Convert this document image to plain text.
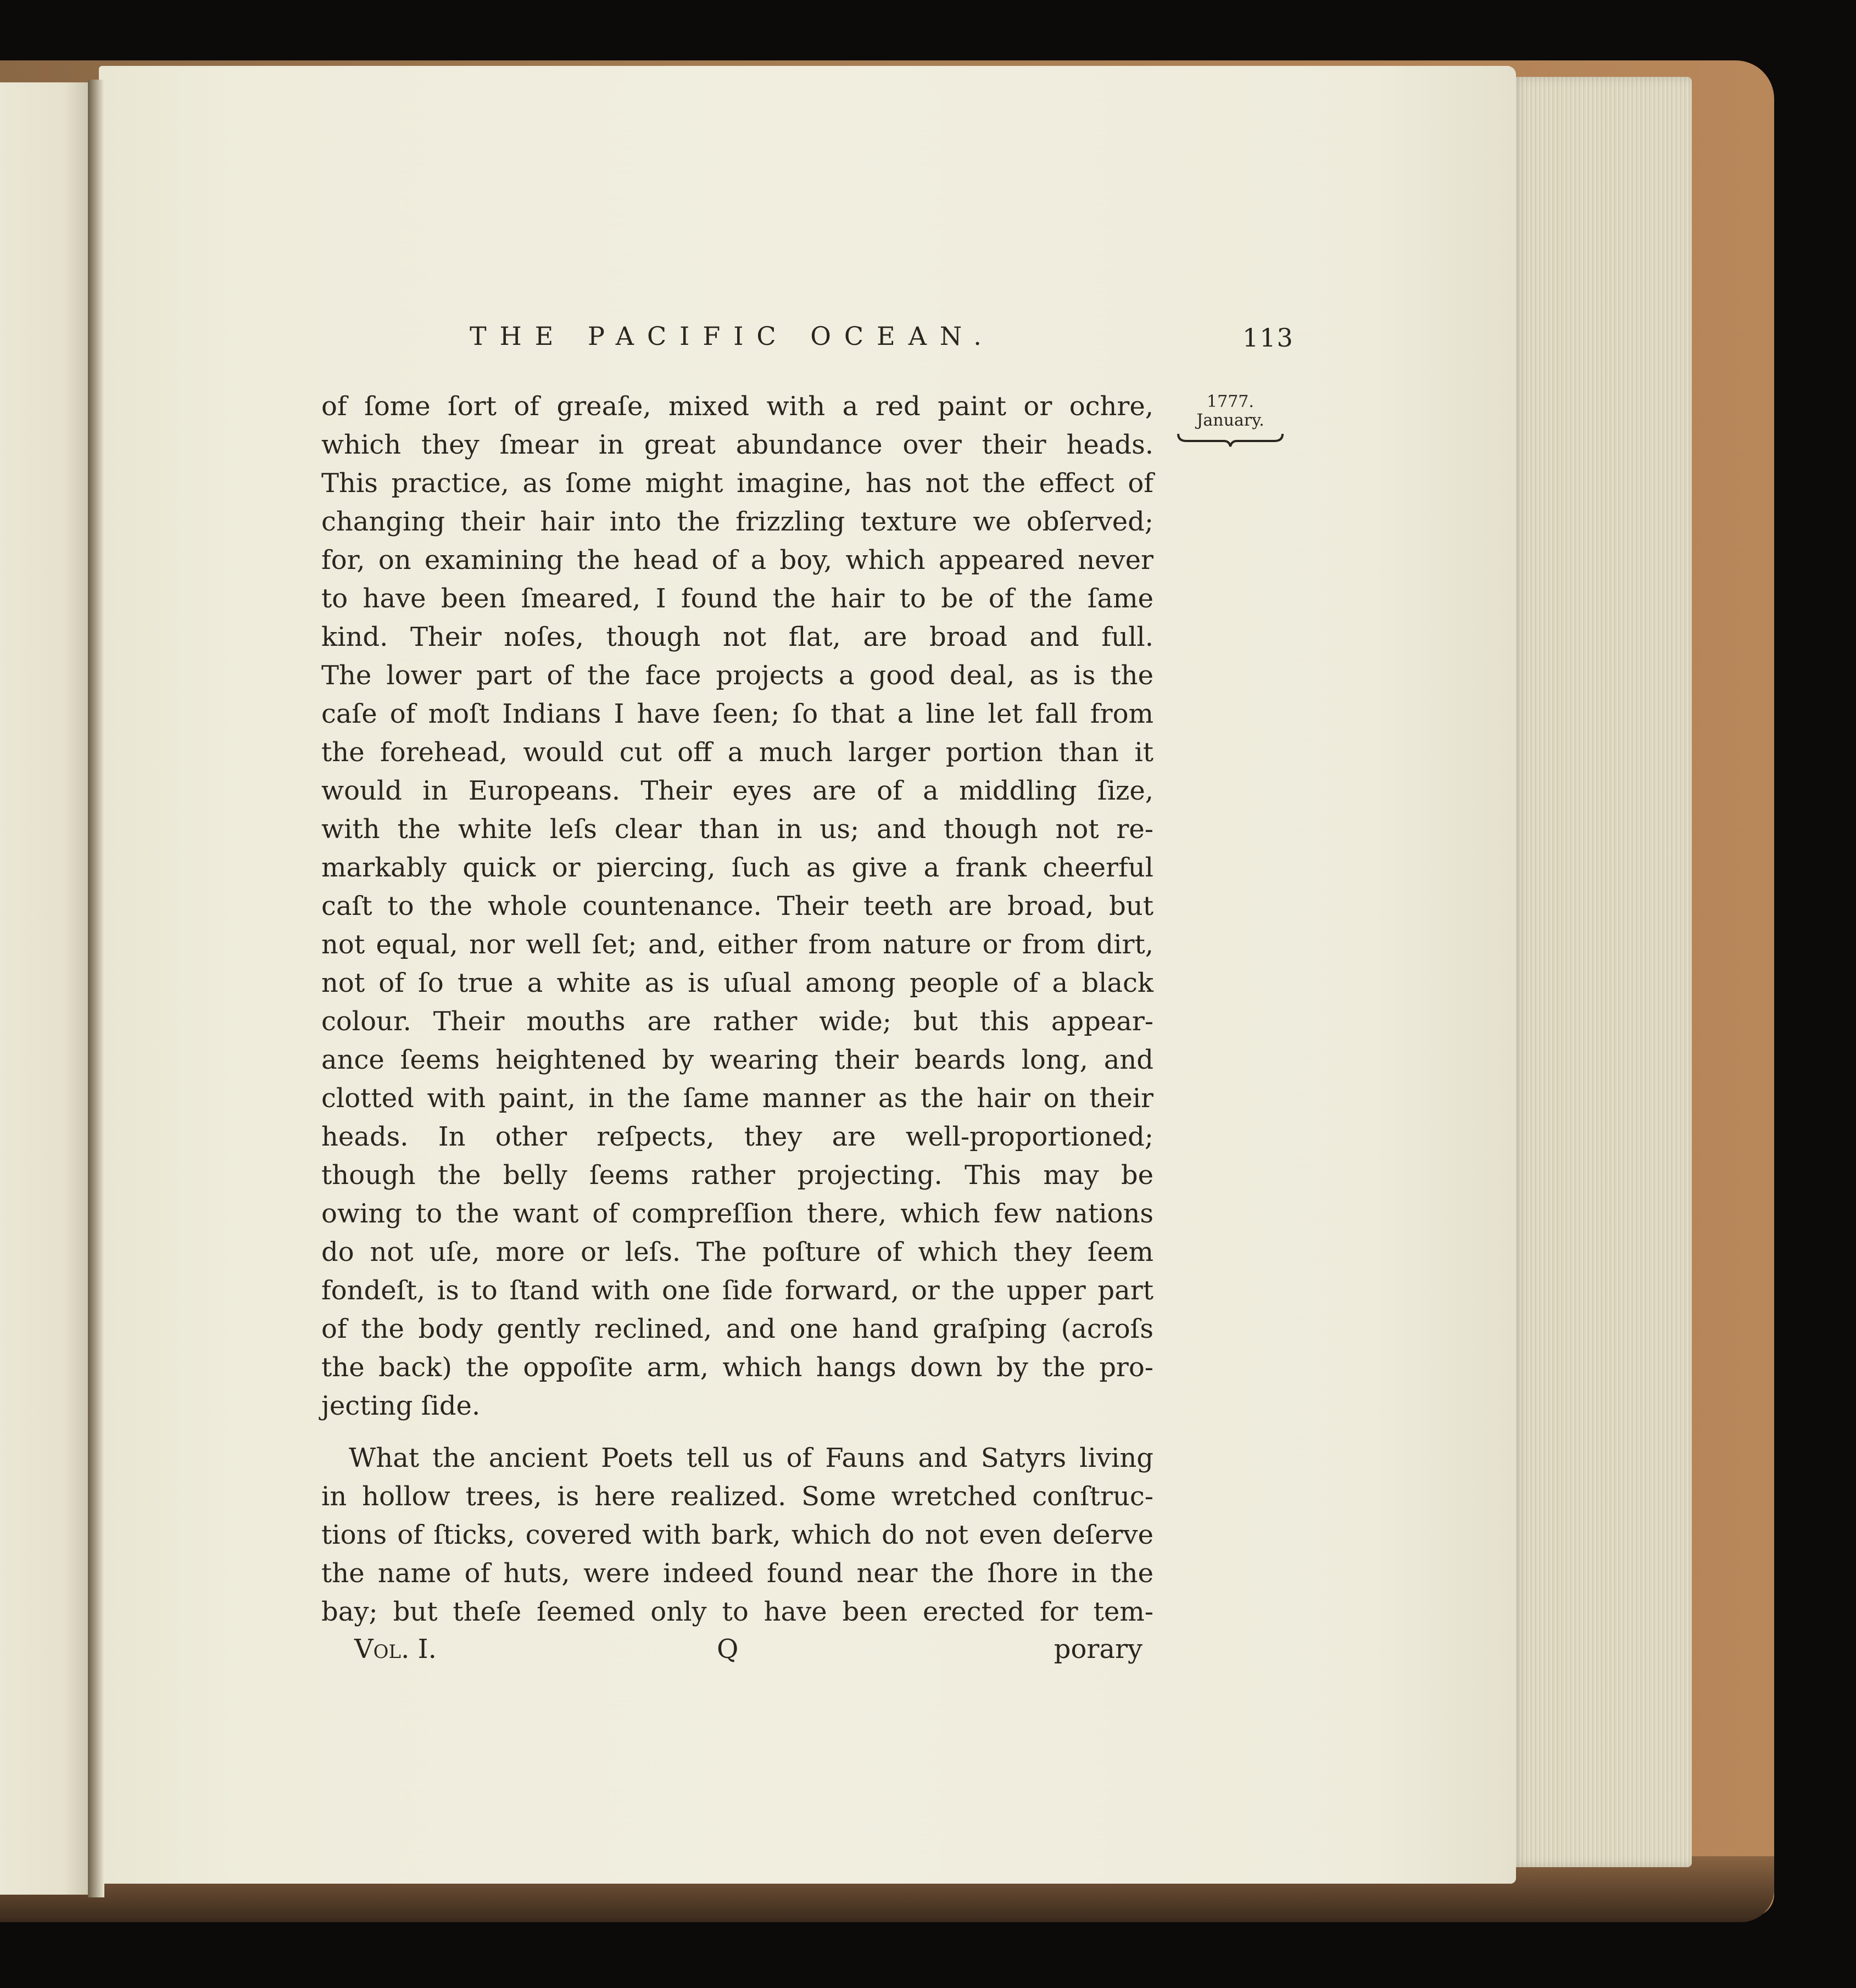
THE PACIFIC OCEAN.	113
1777.
January.
of ſome ſort of greaſe, mixed with a red paint or ochre,
which they ſmear in great abundance over their heads.
This practice, as ſome might imagine, has not the effect of
changing their hair into the frizzling texture we obſerved;
for, on examining the head of a boy, which appeared never
to have been ſmeared, I found the hair to be of the ſame
kind. Their noſes, though not flat, are broad and full.
The lower part of the face projects a good deal, as is the
caſe of moſt Indians I have ſeen; ſo that a line let fall from
the forehead, would cut off a much larger portion than it
would in Europeans. Their eyes are of a middling ſize,
with the white leſs clear than in us; and though not re-
markably quick or piercing, ſuch as give a frank cheerful
caſt to the whole countenance. Their teeth are broad, but
not equal, nor well ſet; and, either from nature or from dirt,
not of ſo true a white as is uſual among people of a black
colour. Their mouths are rather wide; but this appear-
ance ſeems heightened by wearing their beards long, and
clotted with paint, in the ſame manner as the hair on their
heads. In other reſpects, they are well-proportioned;
though the belly ſeems rather projecting. This may be
owing to the want of compreſſion there, which few nations
do not uſe, more or leſs. The poſture of which they ſeem
fondeſt, is to ſtand with one ſide forward, or the upper part
of the body gently reclined, and one hand graſping (acroſs
the back) the oppoſite arm, which hangs down by the pro-
jecting ſide.
What the ancient Poets tell us of Fauns and Satyrs living
in hollow trees, is here realized. Some wretched conſtruc-
tions of ſticks, covered with bark, which do not even deſerve
the name of huts, were indeed found near the ſhore in the
bay; but theſe ſeemed only to have been erected for tem-
Vol. I.	Q	porary
